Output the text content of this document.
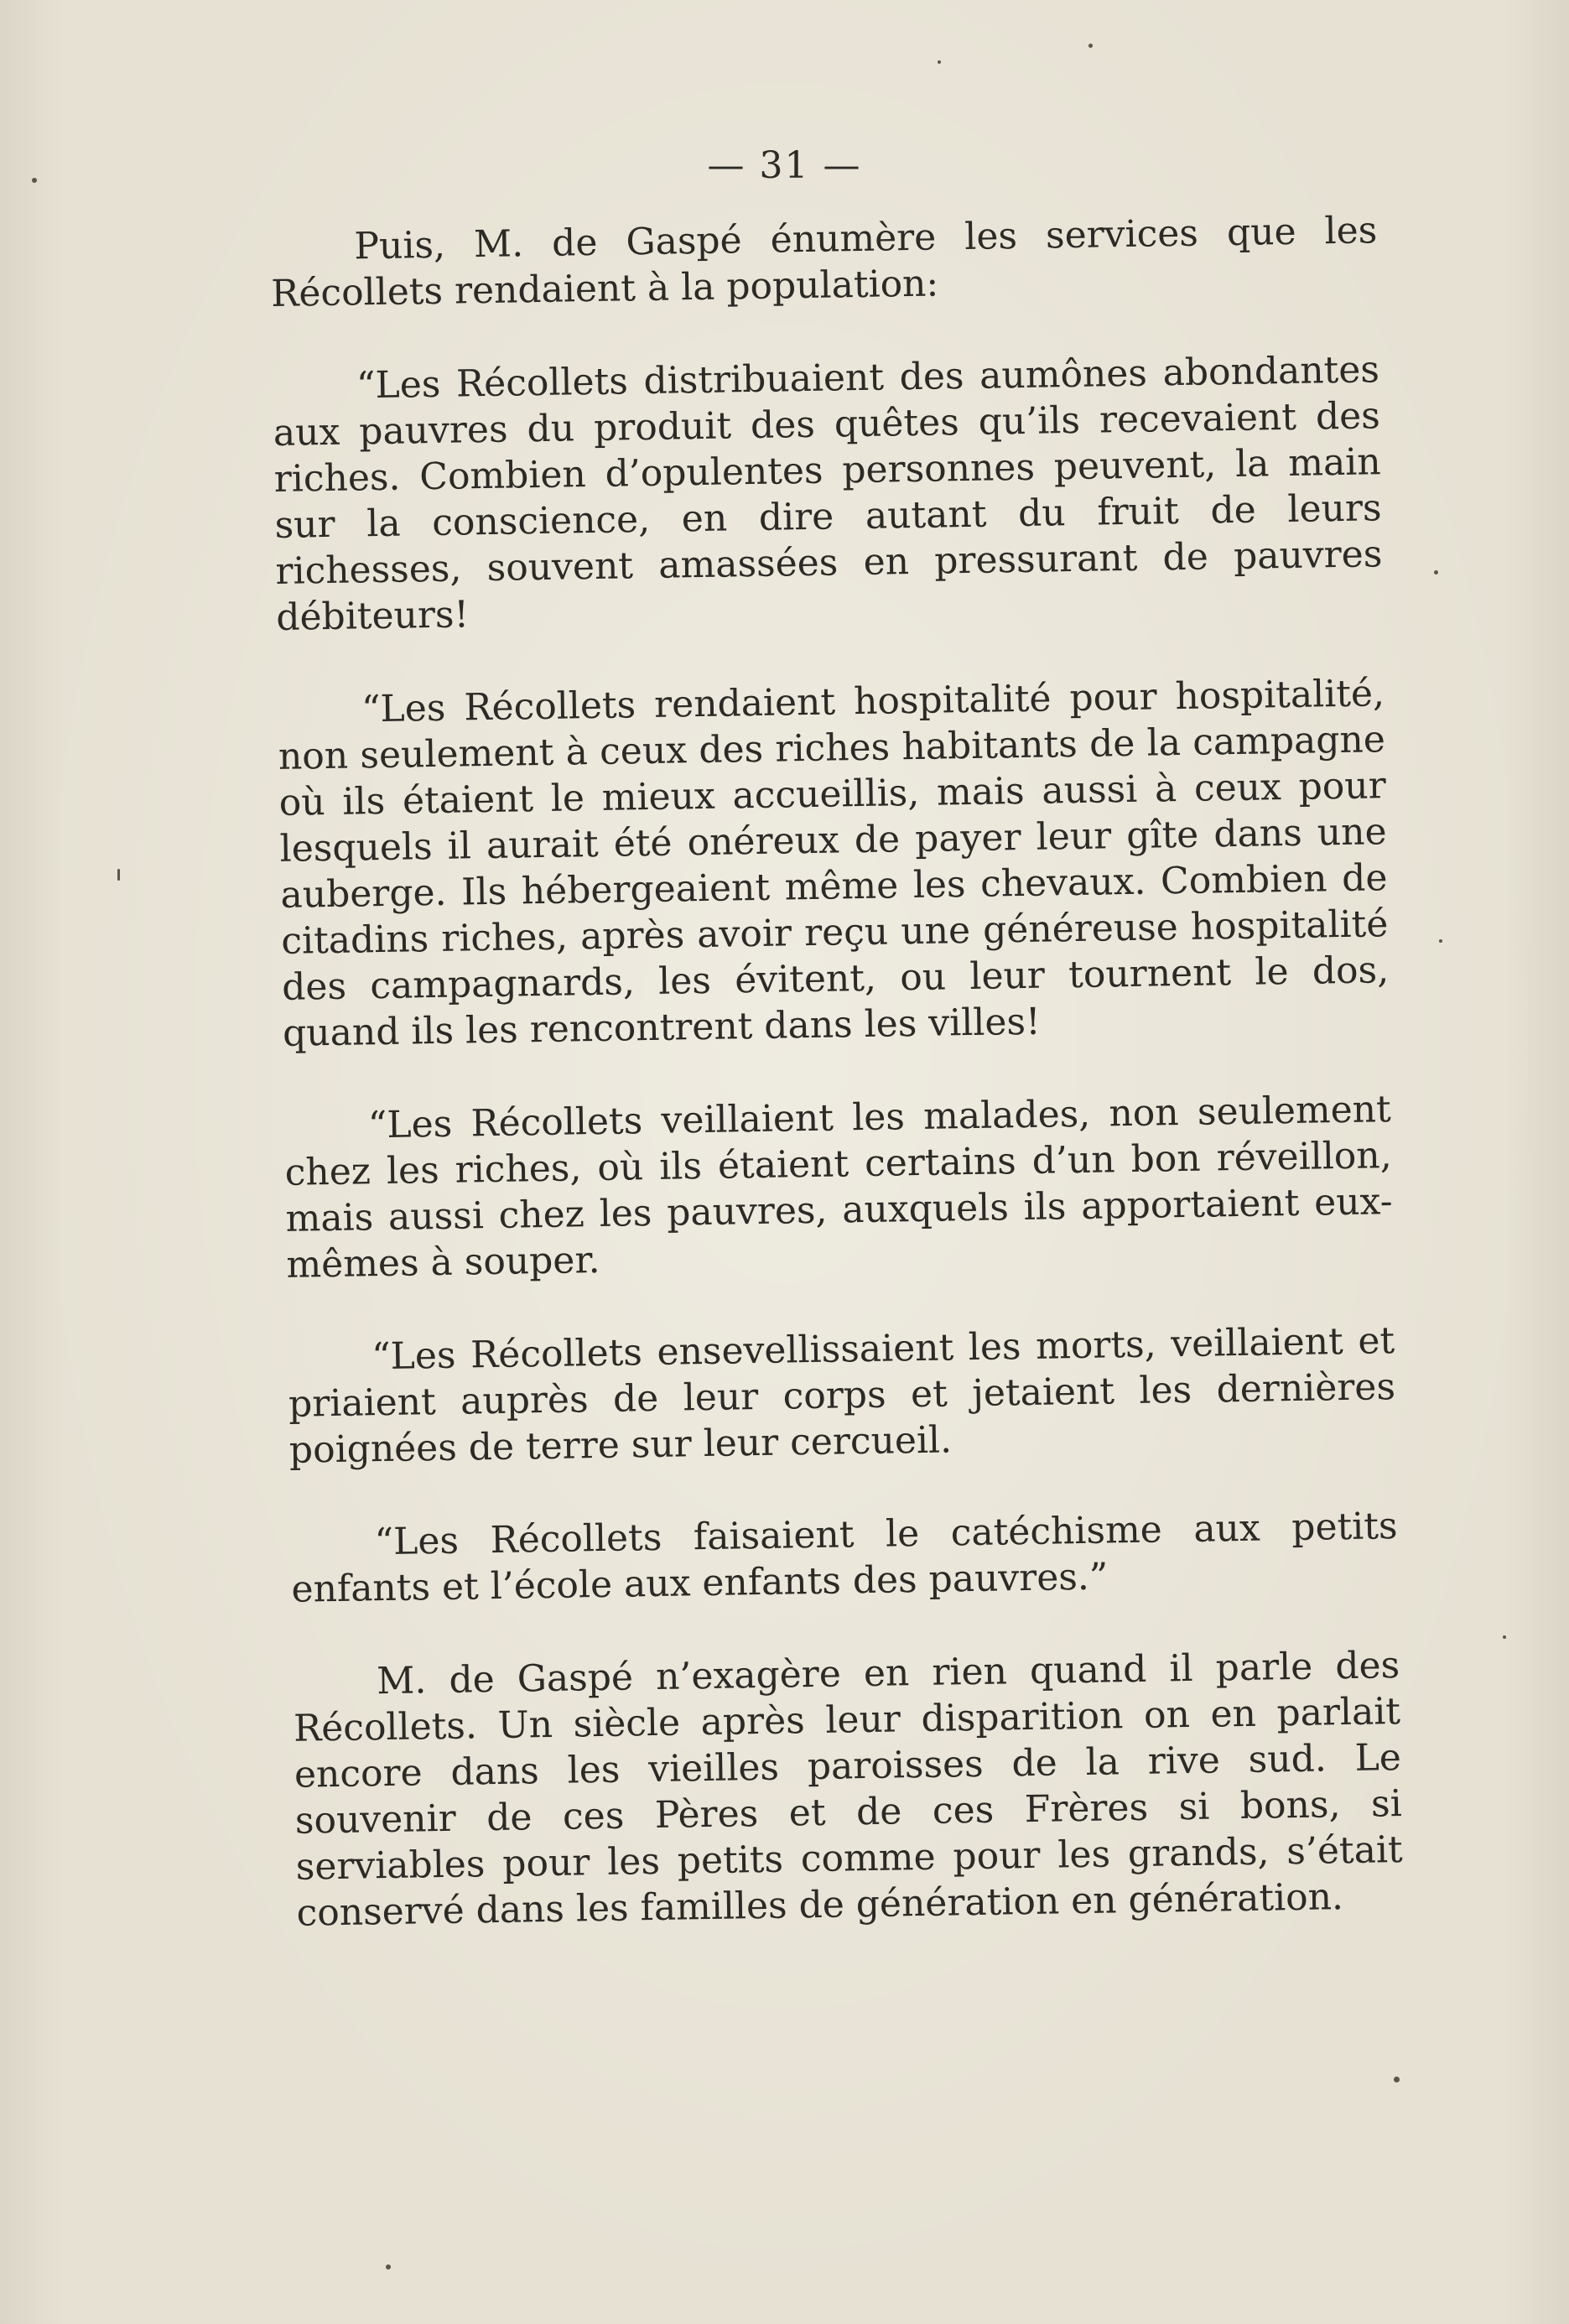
— 31 —

Puis, M. de Gaspé énumère les services que les Récollets rendaient à la population:

“Les Récollets distribuaient des aumônes abondantes aux pauvres du produit des quêtes qu’ils recevaient des riches. Combien d’opulentes personnes peuvent, la main sur la conscience, en dire autant du fruit de leurs richesses, souvent amassées en pressurant de pauvres débiteurs!

“Les Récollets rendaient hospitalité pour hospitalité, non seulement à ceux des riches habitants de la campagne où ils étaient le mieux accueillis, mais aussi à ceux pour lesquels il aurait été onéreux de payer leur gîte dans une auberge. Ils hébergeaient même les chevaux. Combien de citadins riches, après avoir reçu une généreuse hospitalité des campagnards, les évitent, ou leur tournent le dos, quand ils les rencontrent dans les villes!

“Les Récollets veillaient les malades, non seulement chez les riches, où ils étaient certains d’un bon réveillon, mais aussi chez les pauvres, auxquels ils apportaient eux-mêmes à souper.

“Les Récollets ensevellissaient les morts, veillaient et priaient auprès de leur corps et jetaient les dernières poignées de terre sur leur cercueil.

“Les Récollets faisaient le catéchisme aux petits enfants et l’école aux enfants des pauvres.”

M. de Gaspé n’exagère en rien quand il parle des Récollets. Un siècle après leur disparition on en parlait encore dans les vieilles paroisses de la rive sud. Le souvenir de ces Pères et de ces Frères si bons, si serviables pour les petits comme pour les grands, s’était conservé dans les familles de génération en génération.
